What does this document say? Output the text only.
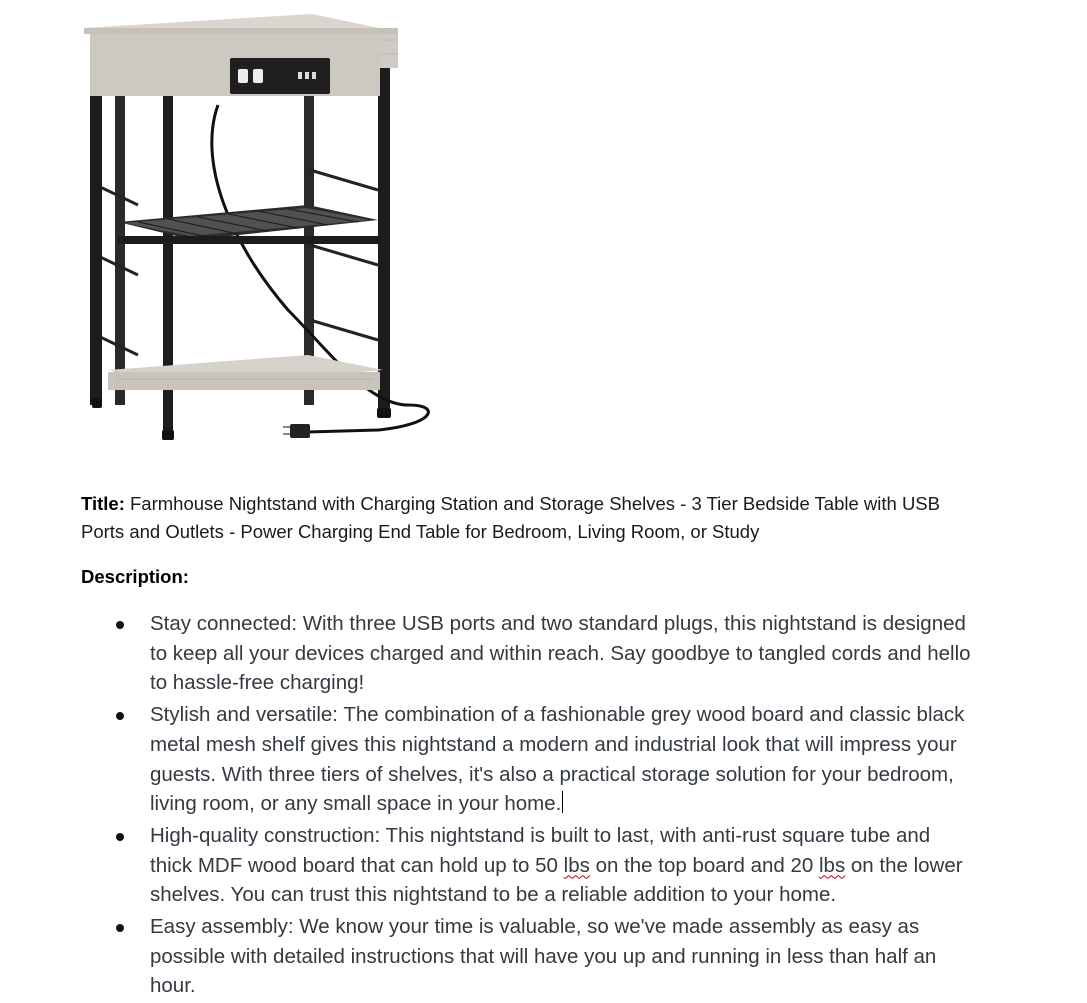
Title: Farmhouse Nightstand with Charging Station and Storage Shelves - 3 Tier Bedside Table with USB Ports and Outlets - Power Charging End Table for Bedroom, Living Room, or Study
Description:
Stay connected: With three USB ports and two standard plugs, this nightstand is designed to keep all your devices charged and within reach. Say goodbye to tangled cords and hello to hassle-free charging!
Stylish and versatile: The combination of a fashionable grey wood board and classic black metal mesh shelf gives this nightstand a modern and industrial look that will impress your guests. With three tiers of shelves, it's also a practical storage solution for your bedroom, living room, or any small space in your home.
High-quality construction: This nightstand is built to last, with anti-rust square tube and thick MDF wood board that can hold up to 50 lbs on the top board and 20 lbs on the lower shelves. You can trust this nightstand to be a reliable addition to your home.
Easy assembly: We know your time is valuable, so we've made assembly as easy as possible with detailed instructions that will have you up and running in less than half an hour.
